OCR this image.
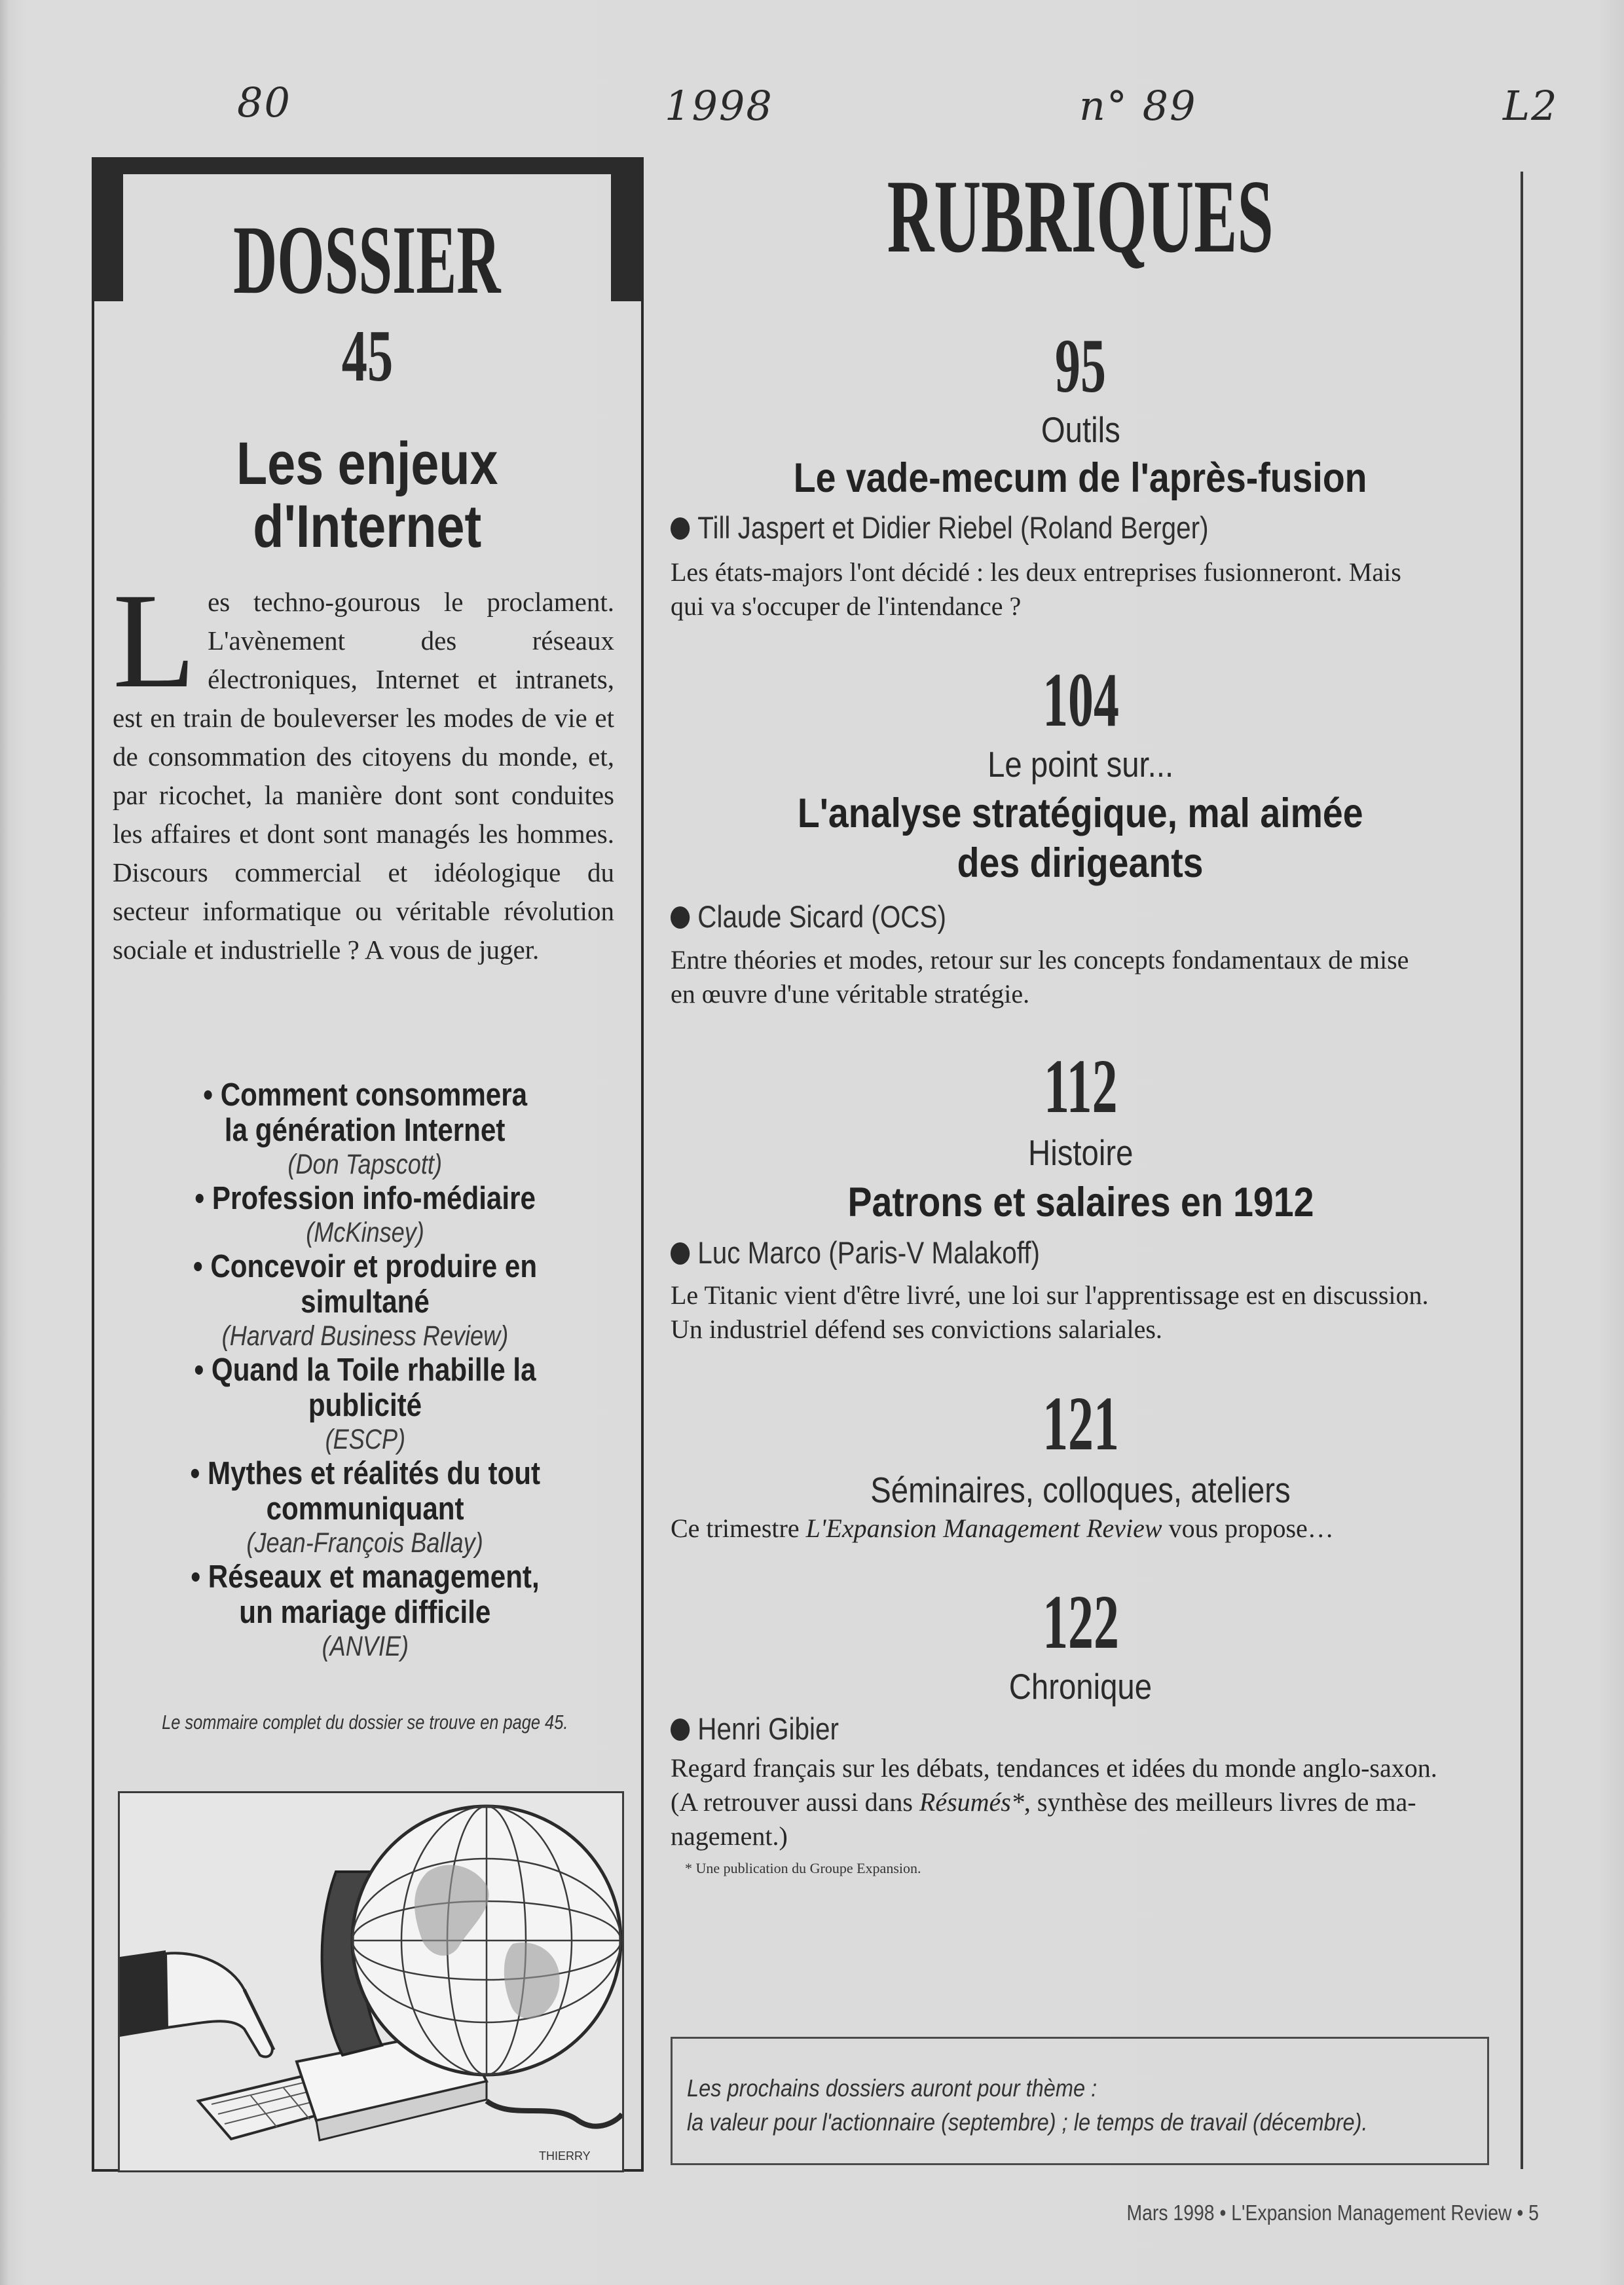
80	1998	n° 89	L2
DOSSIER
45
Les enjeux
d'Internet
Les techno-gourous le proclament. L'avènement des réseaux électroniques, Internet et intranets, est en train de bouleverser les modes de vie et de consommation des citoyens du monde, et, par ricochet, la manière dont sont conduites les affaires et dont sont managés les hommes. Discours commercial et idéologique du secteur informatique ou véritable révolution sociale et industrielle ? A vous de juger.
• Comment consommera
la génération Internet
(Don Tapscott)
• Profession info-médiaire
(McKinsey)
• Concevoir et produire en simultané
(Harvard Business Review)
• Quand la Toile rhabille la publicité
(ESCP)
• Mythes et réalités du tout
communiquant
(Jean-François Ballay)
• Réseaux et management,
un mariage difficile
(ANVIE)
Le sommaire complet du dossier se trouve en page 45.
THIERRY
RUBRIQUES
95
Outils
Le vade-mecum de l'après-fusion
Till Jaspert et Didier Riebel (Roland Berger)
Les états-majors l'ont décidé : les deux entreprises fusionneront. Mais
qui va s'occuper de l'intendance ?
104
Le point sur...
L'analyse stratégique, mal aimée
des dirigeants
Claude Sicard (OCS)
Entre théories et modes, retour sur les concepts fondamentaux de mise
en œuvre d'une véritable stratégie.
112
Histoire
Patrons et salaires en 1912
Luc Marco (Paris-V Malakoff)
Le Titanic vient d'être livré, une loi sur l'apprentissage est en discussion.
Un industriel défend ses convictions salariales.
121
Séminaires, colloques, ateliers
Ce trimestre L'Expansion Management Review vous propose…
122
Chronique
Henri Gibier
Regard français sur les débats, tendances et idées du monde anglo-saxon.
(A retrouver aussi dans Résumés*, synthèse des meilleurs livres de ma-
nagement.)
* Une publication du Groupe Expansion.
Les prochains dossiers auront pour thème :
la valeur pour l'actionnaire (septembre) ; le temps de travail (décembre).
Mars 1998 • L'Expansion Management Review • 5
